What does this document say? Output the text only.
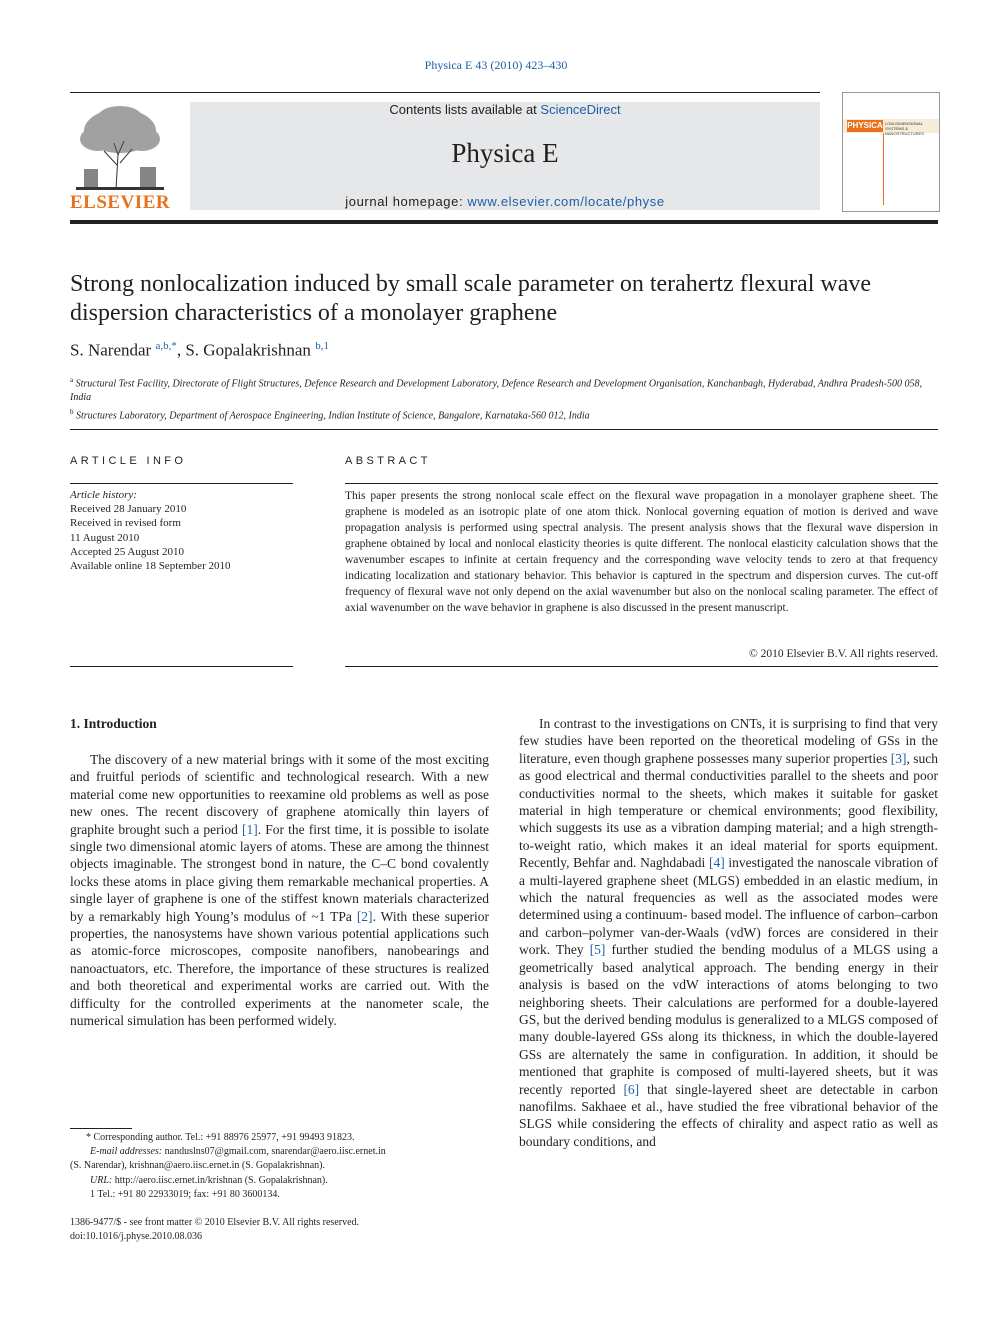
Physica E 43 (2010) 423–430
ELSEVIER
Contents lists available at ScienceDirect
Physica E
journal homepage: www.elsevier.com/locate/physe
PHYSICA LOW-DIMENSIONAL SYSTEMS & NANOSTRUCTURES
Strong nonlocalization induced by small scale parameter on terahertz flexural wave dispersion characteristics of a monolayer graphene
S. Narendar $^{a,b,*}$, S. Gopalakrishnan $^{b,1}$
$^a$ Structural Test Facility, Directorate of Flight Structures, Defence Research and Development Laboratory, Defence Research and Development Organisation, Kanchanbagh, Hyderabad, Andhra Pradesh-500 058, India
$^b$ Structures Laboratory, Department of Aerospace Engineering, Indian Institute of Science, Bangalore, Karnataka-560 012, India
ARTICLE INFO
Article history:
Received 28 January 2010
Received in revised form
11 August 2010
Accepted 25 August 2010
Available online 18 September 2010
ABSTRACT
This paper presents the strong nonlocal scale effect on the flexural wave propagation in a monolayer graphene sheet. The graphene is modeled as an isotropic plate of one atom thick. Nonlocal governing equation of motion is derived and wave propagation analysis is performed using spectral analysis. The present analysis shows that the flexural wave dispersion in graphene obtained by local and nonlocal elasticity theories is quite different. The nonlocal elasticity calculation shows that the wavenumber escapes to infinite at certain frequency and the corresponding wave velocity tends to zero at that frequency indicating localization and stationary behavior. This behavior is captured in the spectrum and dispersion curves. The cut-off frequency of flexural wave not only depend on the axial wavenumber but also on the nonlocal scaling parameter. The effect of axial wavenumber on the wave behavior in graphene is also discussed in the present manuscript.
© 2010 Elsevier B.V. All rights reserved.
1. Introduction
The discovery of a new material brings with it some of the most exciting and fruitful periods of scientific and technological research. With a new material come new opportunities to reexamine old problems as well as pose new ones. The recent discovery of graphene atomically thin layers of graphite brought such a period [1]. For the first time, it is possible to isolate single two dimensional atomic layers of atoms. These are among the thinnest objects imaginable. The strongest bond in nature, the C–C bond covalently locks these atoms in place giving them remarkable mechanical properties. A single layer of graphene is one of the stiffest known materials characterized by a remarkably high Young’s modulus of ~1 TPa [2]. With these superior properties, the nanosystems have shown various potential applications such as atomic-force microscopes, composite nanofibers, nanobearings and nanoactuators, etc. Therefore, the importance of these structures is realized and both theoretical and experimental works are carried out. With the difficulty for the controlled experiments at the nanometer scale, the numerical simulation has been performed widely.
In contrast to the investigations on CNTs, it is surprising to find that very few studies have been reported on the theoretical modeling of GSs in the literature, even though graphene possesses many superior properties [3], such as good electrical and thermal conductivities parallel to the sheets and poor conductivities normal to the sheets, which makes it suitable for gasket material in high temperature or chemical environments; good flexibility, which suggests its use as a vibration damping material; and a high strength-to-weight ratio, which makes it an ideal material for sports equipment. Recently, Behfar and. Naghdabadi [4] investigated the nanoscale vibration of a multi-layered graphene sheet (MLGS) embedded in an elastic medium, in which the natural frequencies as well as the associated modes were determined using a continuum- based model. The influence of carbon–carbon and carbon–polymer van-der-Waals (vdW) forces are considered in their work. They [5] further studied the bending modulus of a MLGS using a geometrically based analytical approach. The bending energy in their analysis is based on the vdW interactions of atoms belonging to two neighboring sheets. Their calculations are performed for a double-layered GS, but the derived bending modulus is generalized to a MLGS composed of many double-layered GSs along its thickness, in which the double-layered GSs are alternately the same in configuration. In addition, it should be mentioned that graphite is composed of multi-layered sheets, but it was recently reported [6] that single-layered sheet are detectable in carbon nanofilms. Sakhaee et al., have studied the free vibrational behavior of the SLGS while considering the effects of chirality and aspect ratio as well as boundary conditions, and
* Corresponding author. Tel.: +91 88976 25977, +91 99493 91823.
E-mail addresses: nanduslns07@gmail.com, snarendar@aero.iisc.ernet.in
(S. Narendar), krishnan@aero.iisc.ernet.in (S. Gopalakrishnan).
URL: http://aero.iisc.ernet.in/krishnan (S. Gopalakrishnan).
1 Tel.: +91 80 22933019; fax: +91 80 3600134.
1386-9477/$ - see front matter © 2010 Elsevier B.V. All rights reserved.
doi:10.1016/j.physe.2010.08.036
